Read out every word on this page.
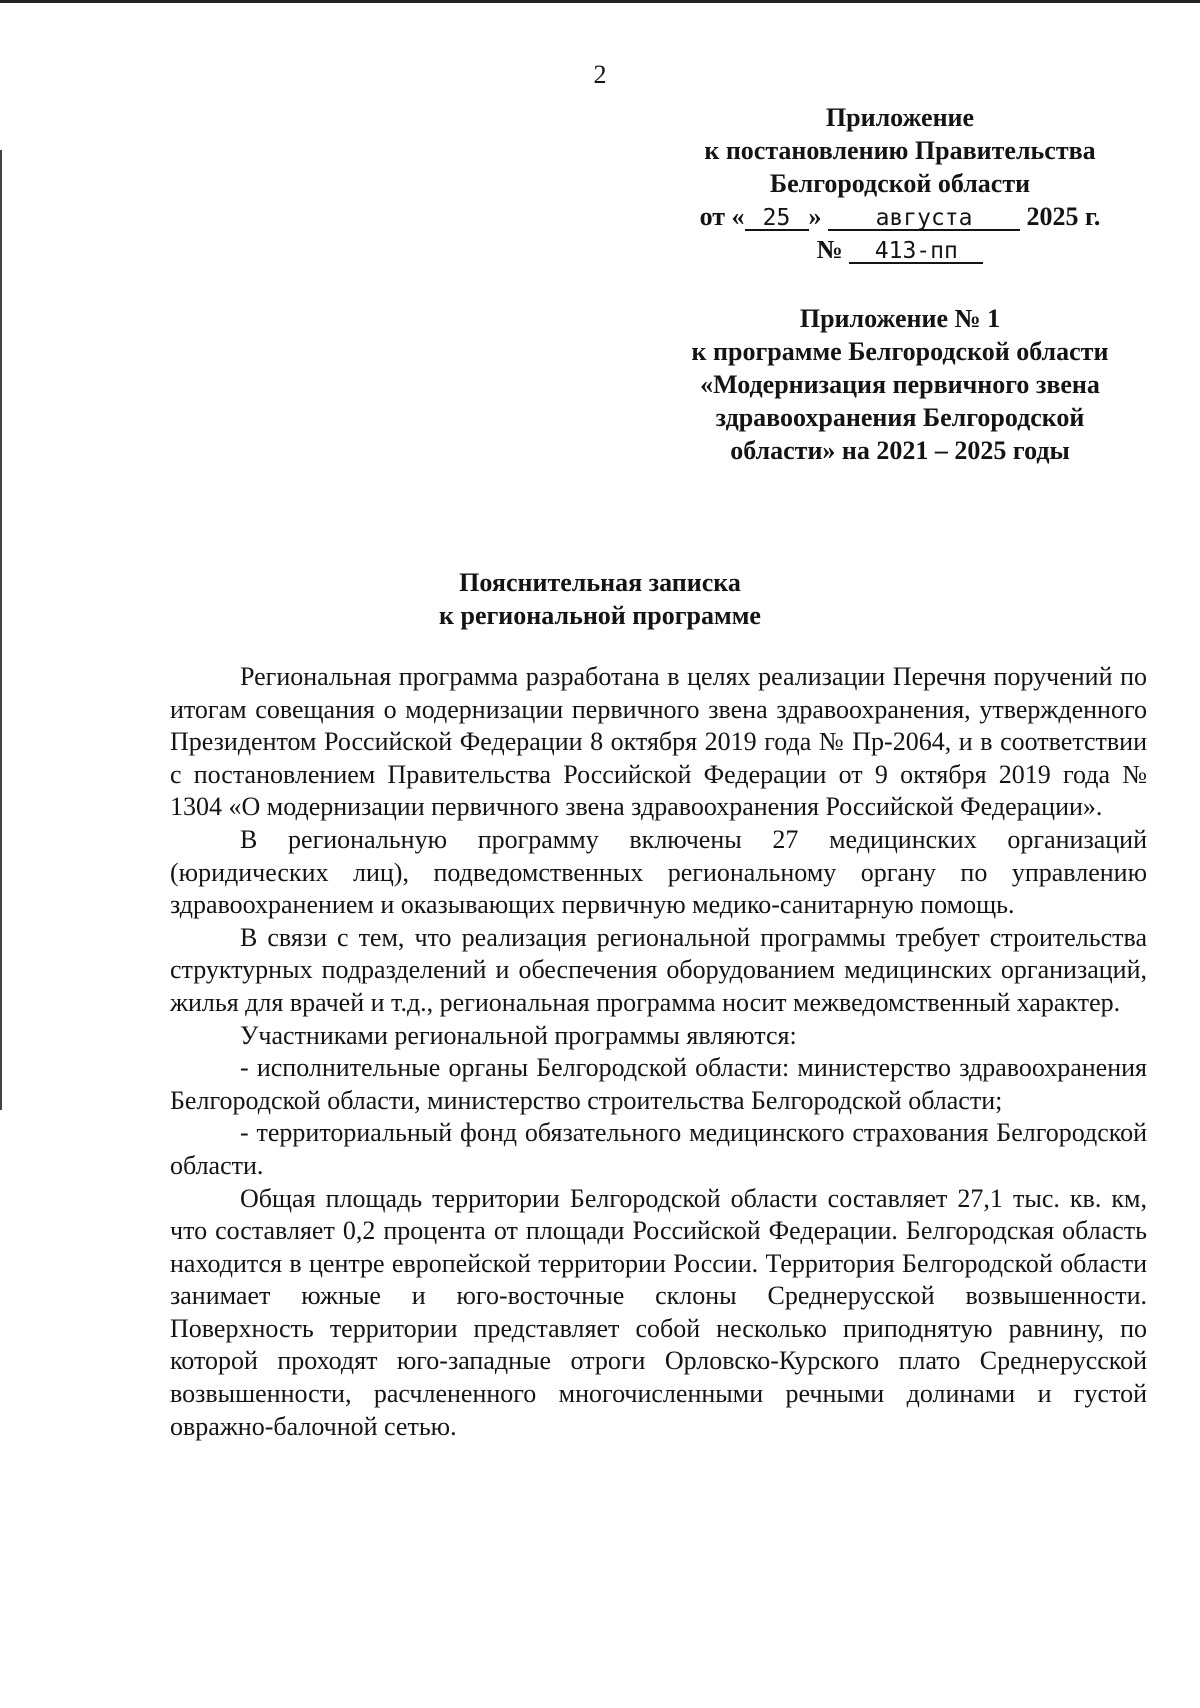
2
Приложение
к постановлению Правительства
Белгородской области
от « 25 » августа 2025 г.
№ 413-пп
Приложение № 1
к программе Белгородской области
«Модернизация первичного звена
здравоохранения Белгородской
области» на 2021 – 2025 годы
Пояснительная записка
к региональной программе

Региональная программа разработана в целях реализации Перечня поручений по итогам совещания о модернизации первичного звена здравоохранения, утвержденного Президентом Российской Федерации 8 октября 2019 года № Пр-2064, и в соответствии с постановлением Правительства Российской Федерации от 9 октября 2019 года № 1304 «О модернизации первичного звена здравоохранения Российской Федерации».

В региональную программу включены 27 медицинских организаций (юридических лиц), подведомственных региональному органу по управлению здравоохранением и оказывающих первичную медико-санитарную помощь.

В связи с тем, что реализация региональной программы требует строительства структурных подразделений и обеспечения оборудованием медицинских организаций, жилья для врачей и т.д., региональная программа носит межведомственный характер.

Участниками региональной программы являются:

- исполнительные органы Белгородской области: министерство здравоохранения Белгородской области, министерство строительства Белгородской области;

- территориальный фонд обязательного медицинского страхования Белгородской области.

Общая площадь территории Белгородской области составляет 27,1 тыс. кв. км, что составляет 0,2 процента от площади Российской Федерации. Белгородская область находится в центре европейской территории России. Территория Белгородской области занимает южные и юго-восточные склоны Среднерусской возвышенности. Поверхность территории представляет собой несколько приподнятую равнину, по которой проходят юго-западные отроги Орловско-Курского плато Среднерусской возвышенности, расчлененного многочисленными речными долинами и густой овражно-балочной сетью.
